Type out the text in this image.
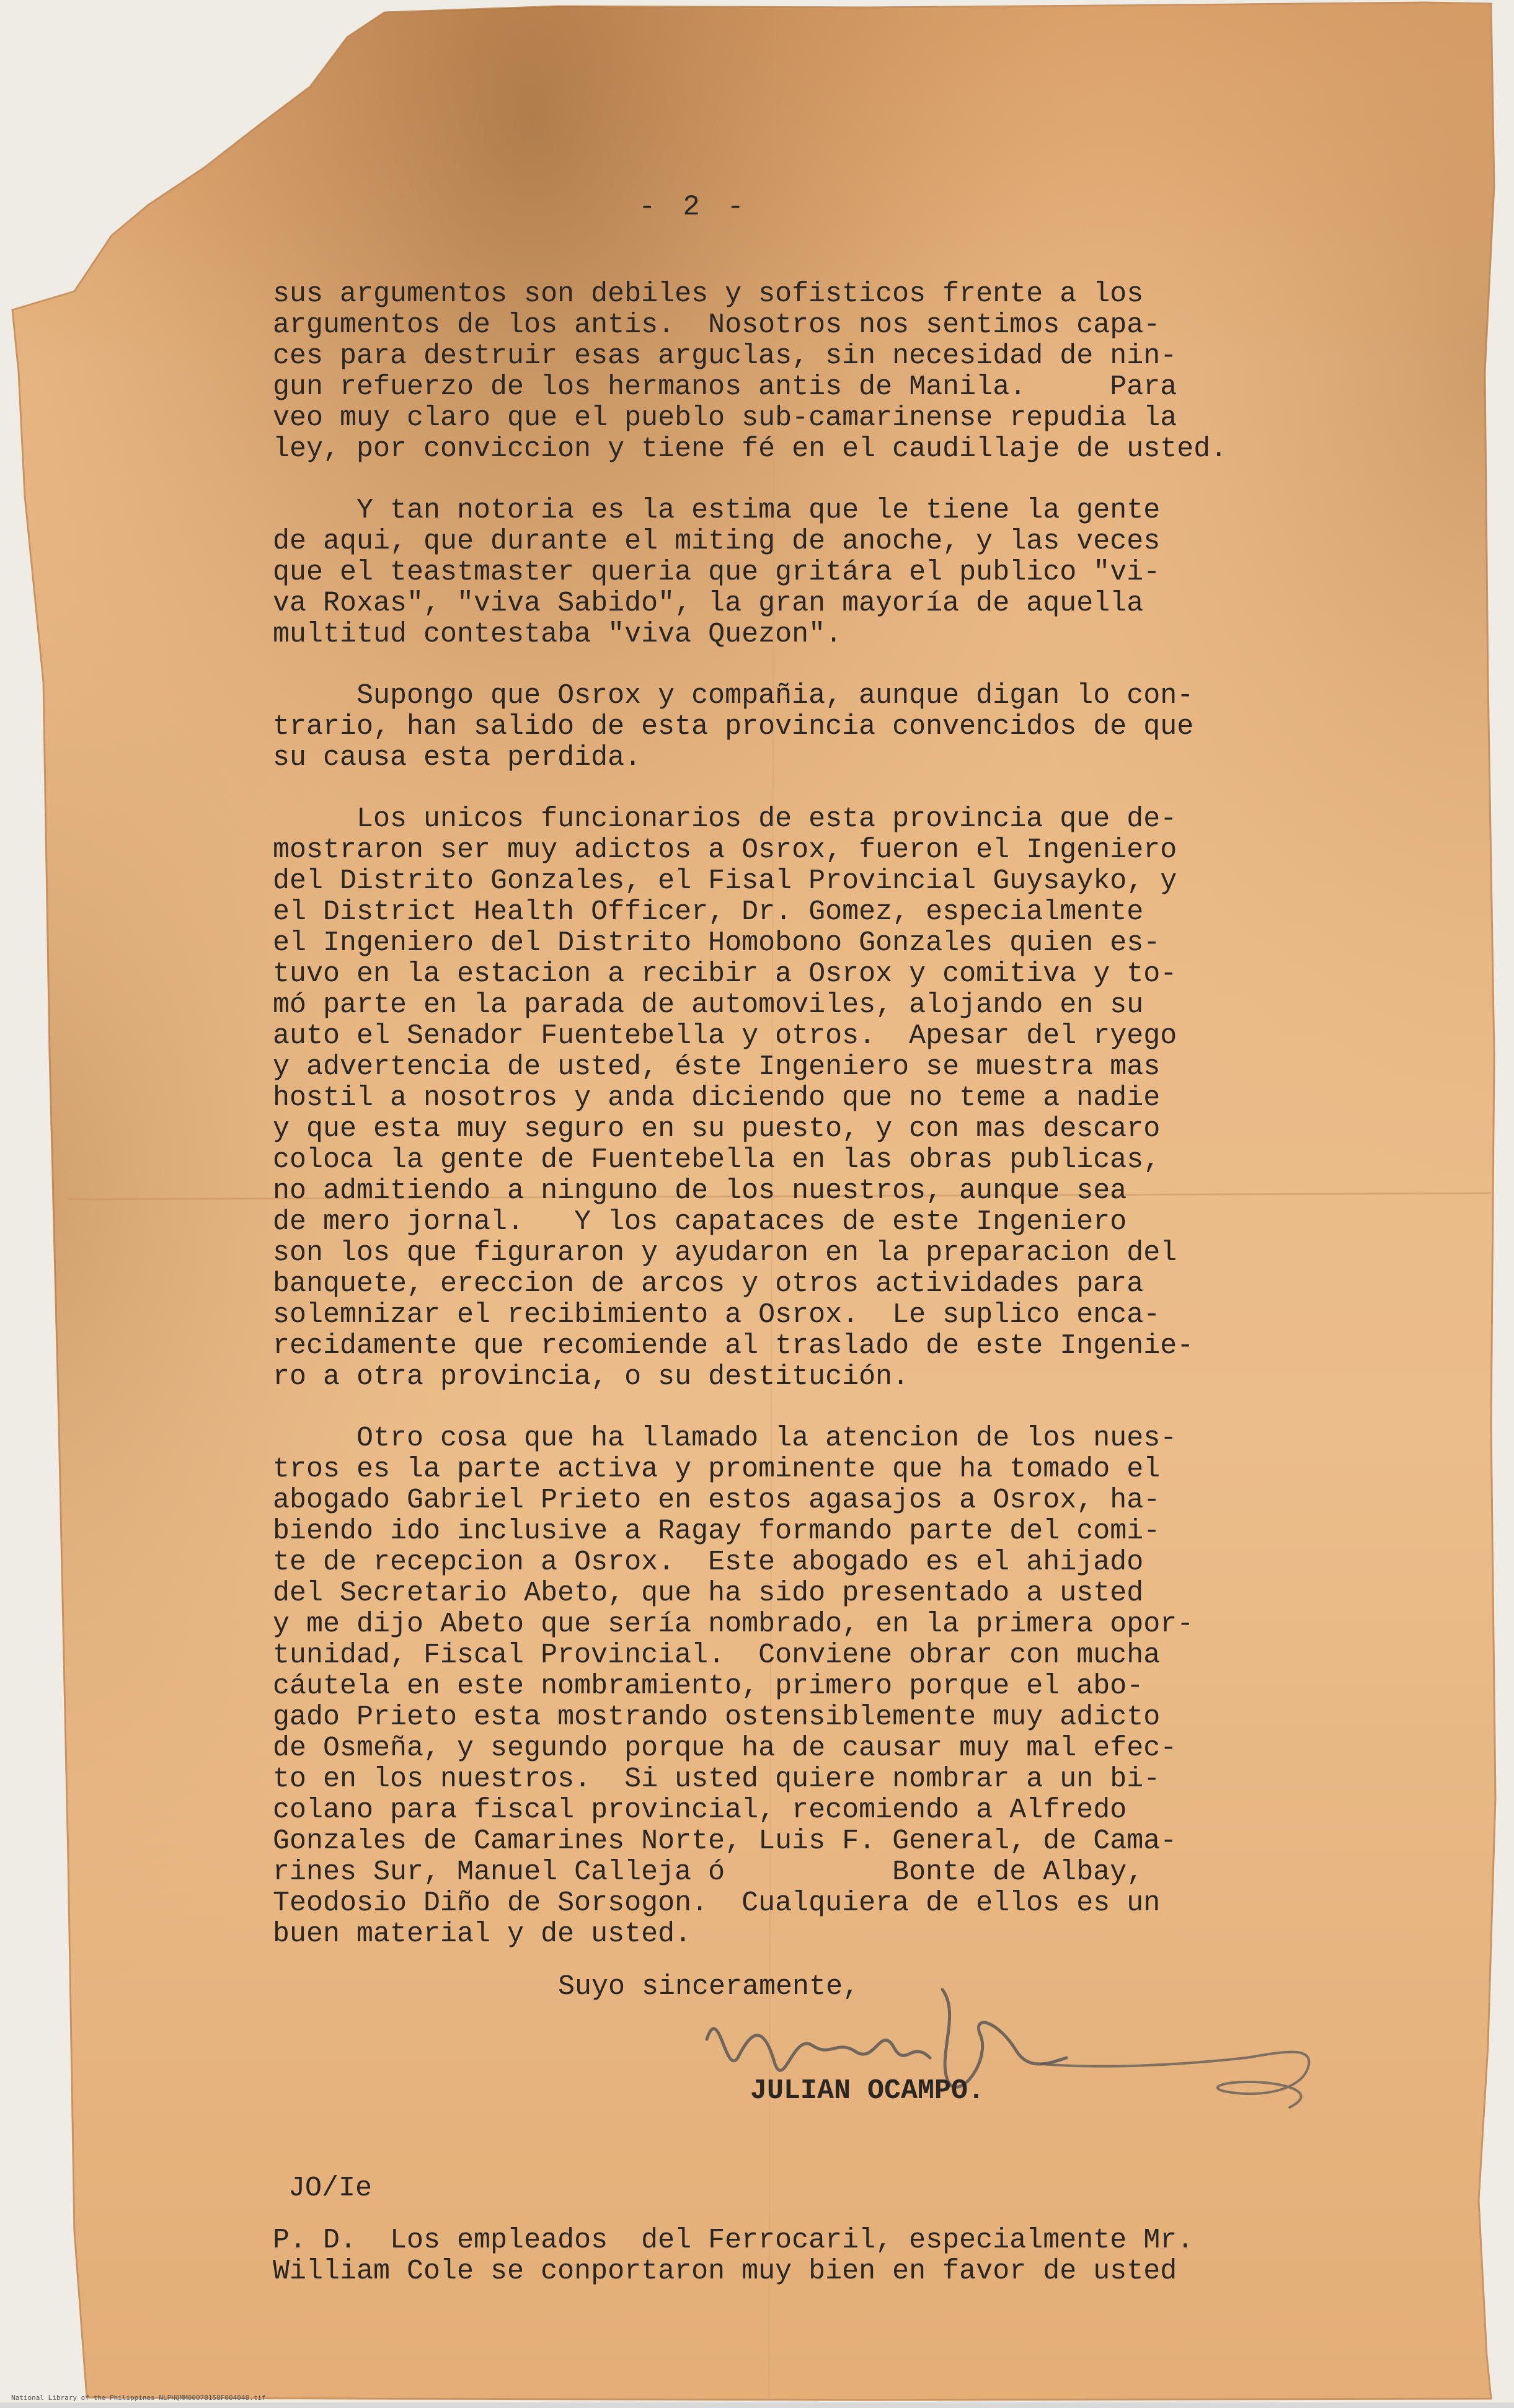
- 2 -
sus argumentos son debiles y sofisticos frente a los
argumentos de los antis.  Nosotros nos sentimos capa-
ces para destruir esas arguclas, sin necesidad de nin-
gun refuerzo de los hermanos antis de Manila.     Para
veo muy claro que el pueblo sub-camarinense repudia la
ley, por conviccion y tiene fé en el caudillaje de usted.
Y tan notoria es la estima que le tiene la gente
de aqui, que durante el miting de anoche, y las veces
que el teastmaster queria que gritára el publico "vi-
va Roxas", "viva Sabido", la gran mayoría de aquella
multitud contestaba "viva Quezon".
Supongo que Osrox y compañia, aunque digan lo con-
trario, han salido de esta provincia convencidos de que
su causa esta perdida.
Los unicos funcionarios de esta provincia que de-
mostraron ser muy adictos a Osrox, fueron el Ingeniero
del Distrito Gonzales, el Fisal Provincial Guysayko, y
el District Health Officer, Dr. Gomez, especialmente
el Ingeniero del Distrito Homobono Gonzales quien es-
tuvo en la estacion a recibir a Osrox y comitiva y to-
mó parte en la parada de automoviles, alojando en su
auto el Senador Fuentebella y otros.  Apesar del ryego
y advertencia de usted, éste Ingeniero se muestra mas
hostil a nosotros y anda diciendo que no teme a nadie
y que esta muy seguro en su puesto, y con mas descaro
coloca la gente de Fuentebella en las obras publicas,
no admitiendo a ninguno de los nuestros, aunque sea
de mero jornal.   Y los capataces de este Ingeniero
son los que figuraron y ayudaron en la preparacion del
banquete, ereccion de arcos y otros actividades para
solemnizar el recibimiento a Osrox.  Le suplico enca-
recidamente que recomiende al traslado de este Ingenie-
ro a otra provincia, o su destitución.
Otro cosa que ha llamado la atencion de los nues-
tros es la parte activa y prominente que ha tomado el
abogado Gabriel Prieto en estos agasajos a Osrox, ha-
biendo ido inclusive a Ragay formando parte del comi-
te de recepcion a Osrox.  Este abogado es el ahijado
del Secretario Abeto, que ha sido presentado a usted
y me dijo Abeto que sería nombrado, en la primera opor-
tunidad, Fiscal Provincial.  Conviene obrar con mucha
cáutela en este nombramiento, primero porque el abo-
gado Prieto esta mostrando ostensiblemente muy adicto
de Osmeña, y segundo porque ha de causar muy mal efec-
to en los nuestros.  Si usted quiere nombrar a un bi-
colano para fiscal provincial, recomiendo a Alfredo
Gonzales de Camarines Norte, Luis F. General, de Cama-
rines Sur, Manuel Calleja ó          Bonte de Albay,
Teodosio Diño de Sorsogon.  Cualquiera de ellos es un
buen material y de usted.
Suyo sinceramente,
JULIAN OCAMPO.
JO/Ie
P. D.  Los empleados  del Ferrocaril, especialmente Mr.
William Cole se conportaron muy bien en favor de usted
National Library of the Philippines NLPHQMM00078158F004048.tif
